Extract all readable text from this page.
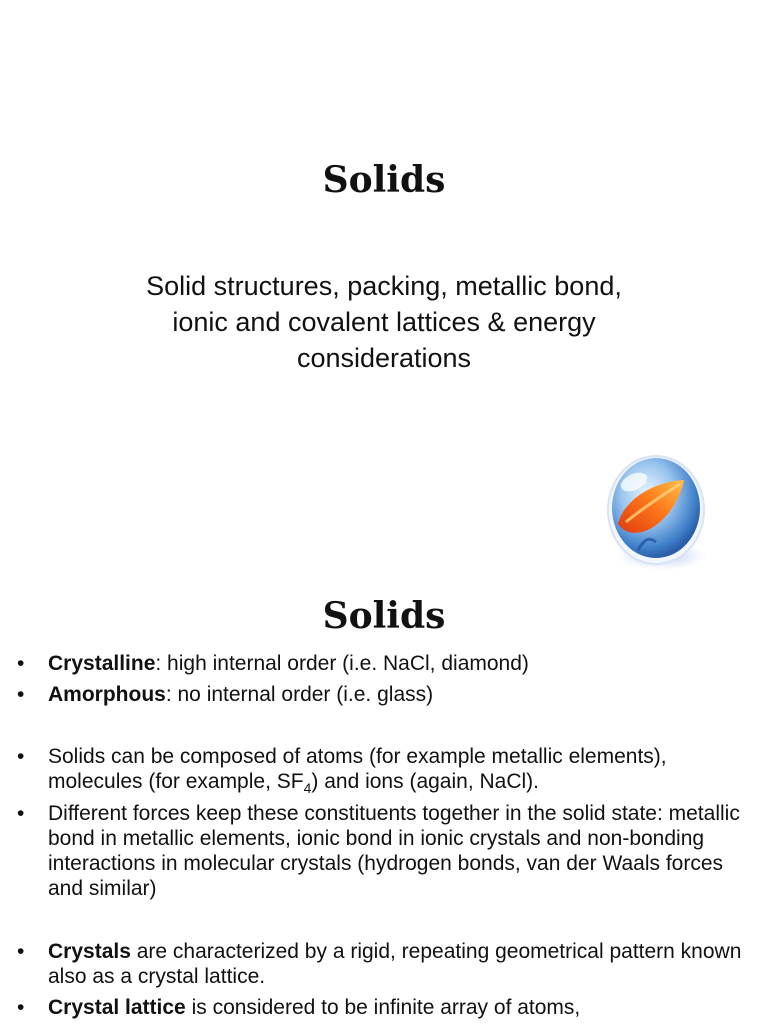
Solids

Solid structures, packing, metallic bond, ionic and covalent lattices & energy considerations

Solids
• Crystalline: high internal order (i.e. NaCl, diamond)
• Amorphous: no internal order (i.e. glass)
• Solids can be composed of atoms (for example metallic elements), molecules (for example, $SF_4$) and ions (again, NaCl).
• Different forces keep these constituents together in the solid state: metallic bond in metallic elements, ionic bond in ionic crystals and non-bonding interactions in molecular crystals (hydrogen bonds, van der Waals forces and similar)
• Crystals are characterized by a rigid, repeating geometrical pattern known also as a crystal lattice.
• Crystal lattice is considered to be infinite array of atoms,
